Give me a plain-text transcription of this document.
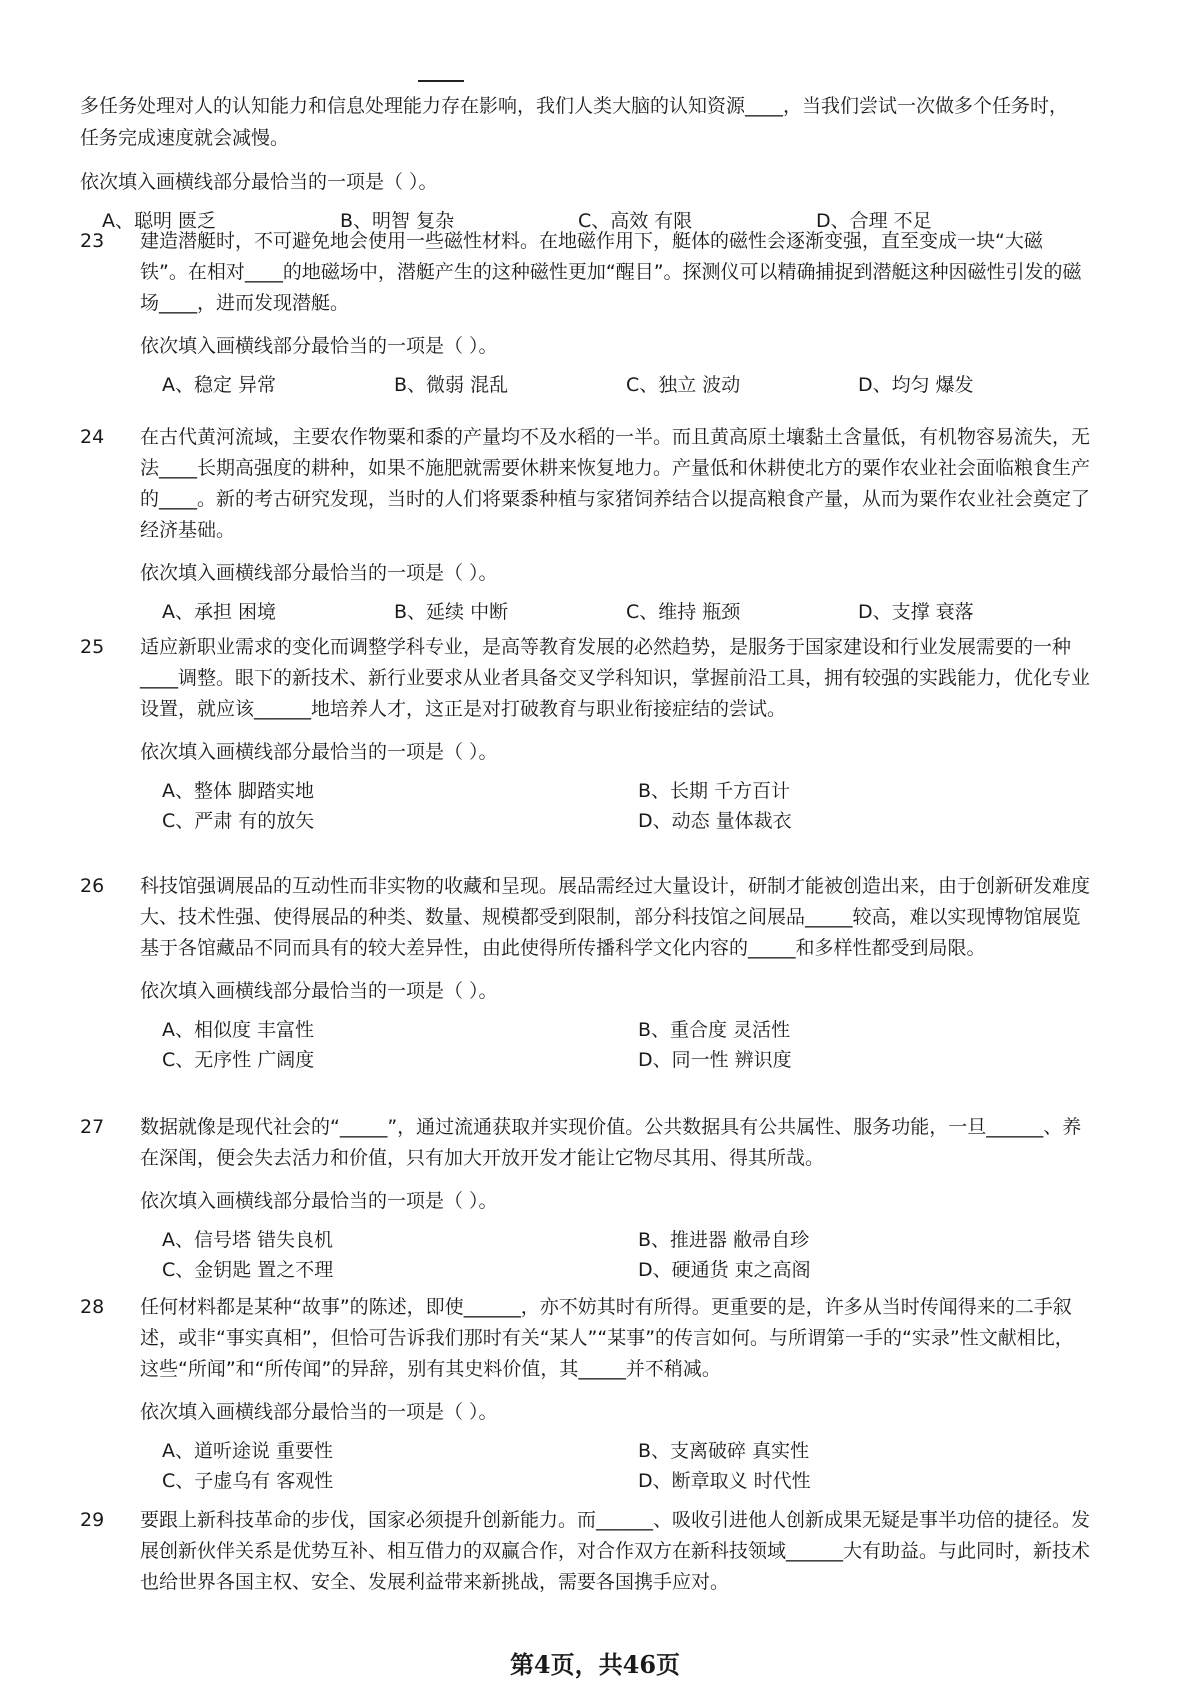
多任务处理对人的认知能力和信息处理能力存在影响，我们人类大脑的认知资源____，当我们尝试一次做多个任务时，任务完成速度就会减慢。
依次填入画横线部分最恰当的一项是（ ）。
A、聪明 匮乏	B、明智 复杂	C、高效 有限	D、合理 不足
23 建造潜艇时，不可避免地会使用一些磁性材料。在地磁作用下，艇体的磁性会逐渐变强，直至变成一块“大磁铁”。在相对____的地磁场中，潜艇产生的这种磁性更加“醒目”。探测仪可以精确捕捉到潜艇这种因磁性引发的磁场____，进而发现潜艇。
依次填入画横线部分最恰当的一项是（ ）。
A、稳定 异常	B、微弱 混乱	C、独立 波动	D、均匀 爆发
24 在古代黄河流域，主要农作物粟和黍的产量均不及水稻的一半。而且黄高原土壤黏土含量低，有机物容易流失，无法____长期高强度的耕种，如果不施肥就需要休耕来恢复地力。产量低和休耕使北方的粟作农业社会面临粮食生产的____。新的考古研究发现，当时的人们将粟黍种植与家猪饲养结合以提高粮食产量，从而为粟作农业社会奠定了经济基础。
依次填入画横线部分最恰当的一项是（ ）。
A、承担 困境	B、延续 中断	C、维持 瓶颈	D、支撑 衰落
25 适应新职业需求的变化而调整学科专业，是高等教育发展的必然趋势，是服务于国家建设和行业发展需要的一种____调整。眼下的新技术、新行业要求从业者具备交叉学科知识，掌握前沿工具，拥有较强的实践能力，优化专业设置，就应该______地培养人才，这正是对打破教育与职业衔接症结的尝试。
依次填入画横线部分最恰当的一项是（ ）。
A、整体 脚踏实地	B、长期 千方百计
C、严肃 有的放矢	D、动态 量体裁衣
26 科技馆强调展品的互动性而非实物的收藏和呈现。展品需经过大量设计，研制才能被创造出来，由于创新研发难度大、技术性强、使得展品的种类、数量、规模都受到限制，部分科技馆之间展品_____较高，难以实现博物馆展览基于各馆藏品不同而具有的较大差异性，由此使得所传播科学文化内容的_____和多样性都受到局限。
依次填入画横线部分最恰当的一项是（ ）。
A、相似度 丰富性	B、重合度 灵活性
C、无序性 广阔度	D、同一性 辨识度
27 数据就像是现代社会的“_____”，通过流通获取并实现价值。公共数据具有公共属性、服务功能，一旦______、养在深闺，便会失去活力和价值，只有加大开放开发才能让它物尽其用、得其所哉。
依次填入画横线部分最恰当的一项是（ ）。
A、信号塔 错失良机	B、推进器 敝帚自珍
C、金钥匙 置之不理	D、硬通货 束之高阁
28 任何材料都是某种“故事”的陈述，即使______，亦不妨其时有所得。更重要的是，许多从当时传闻得来的二手叙述，或非“事实真相”，但恰可告诉我们那时有关“某人”“某事”的传言如何。与所谓第一手的“实录”性文献相比，这些“所闻”和“所传闻”的异辞，别有其史料价值，其_____并不稍减。
依次填入画横线部分最恰当的一项是（ ）。
A、道听途说 重要性	B、支离破碎 真实性
C、子虚乌有 客观性	D、断章取义 时代性
29 要跟上新科技革命的步伐，国家必须提升创新能力。而______、吸收引进他人创新成果无疑是事半功倍的捷径。发展创新伙伴关系是优势互补、相互借力的双赢合作，对合作双方在新科技领域______大有助益。与此同时，新技术也给世界各国主权、安全、发展利益带来新挑战，需要各国携手应对。
第4页，共46页
